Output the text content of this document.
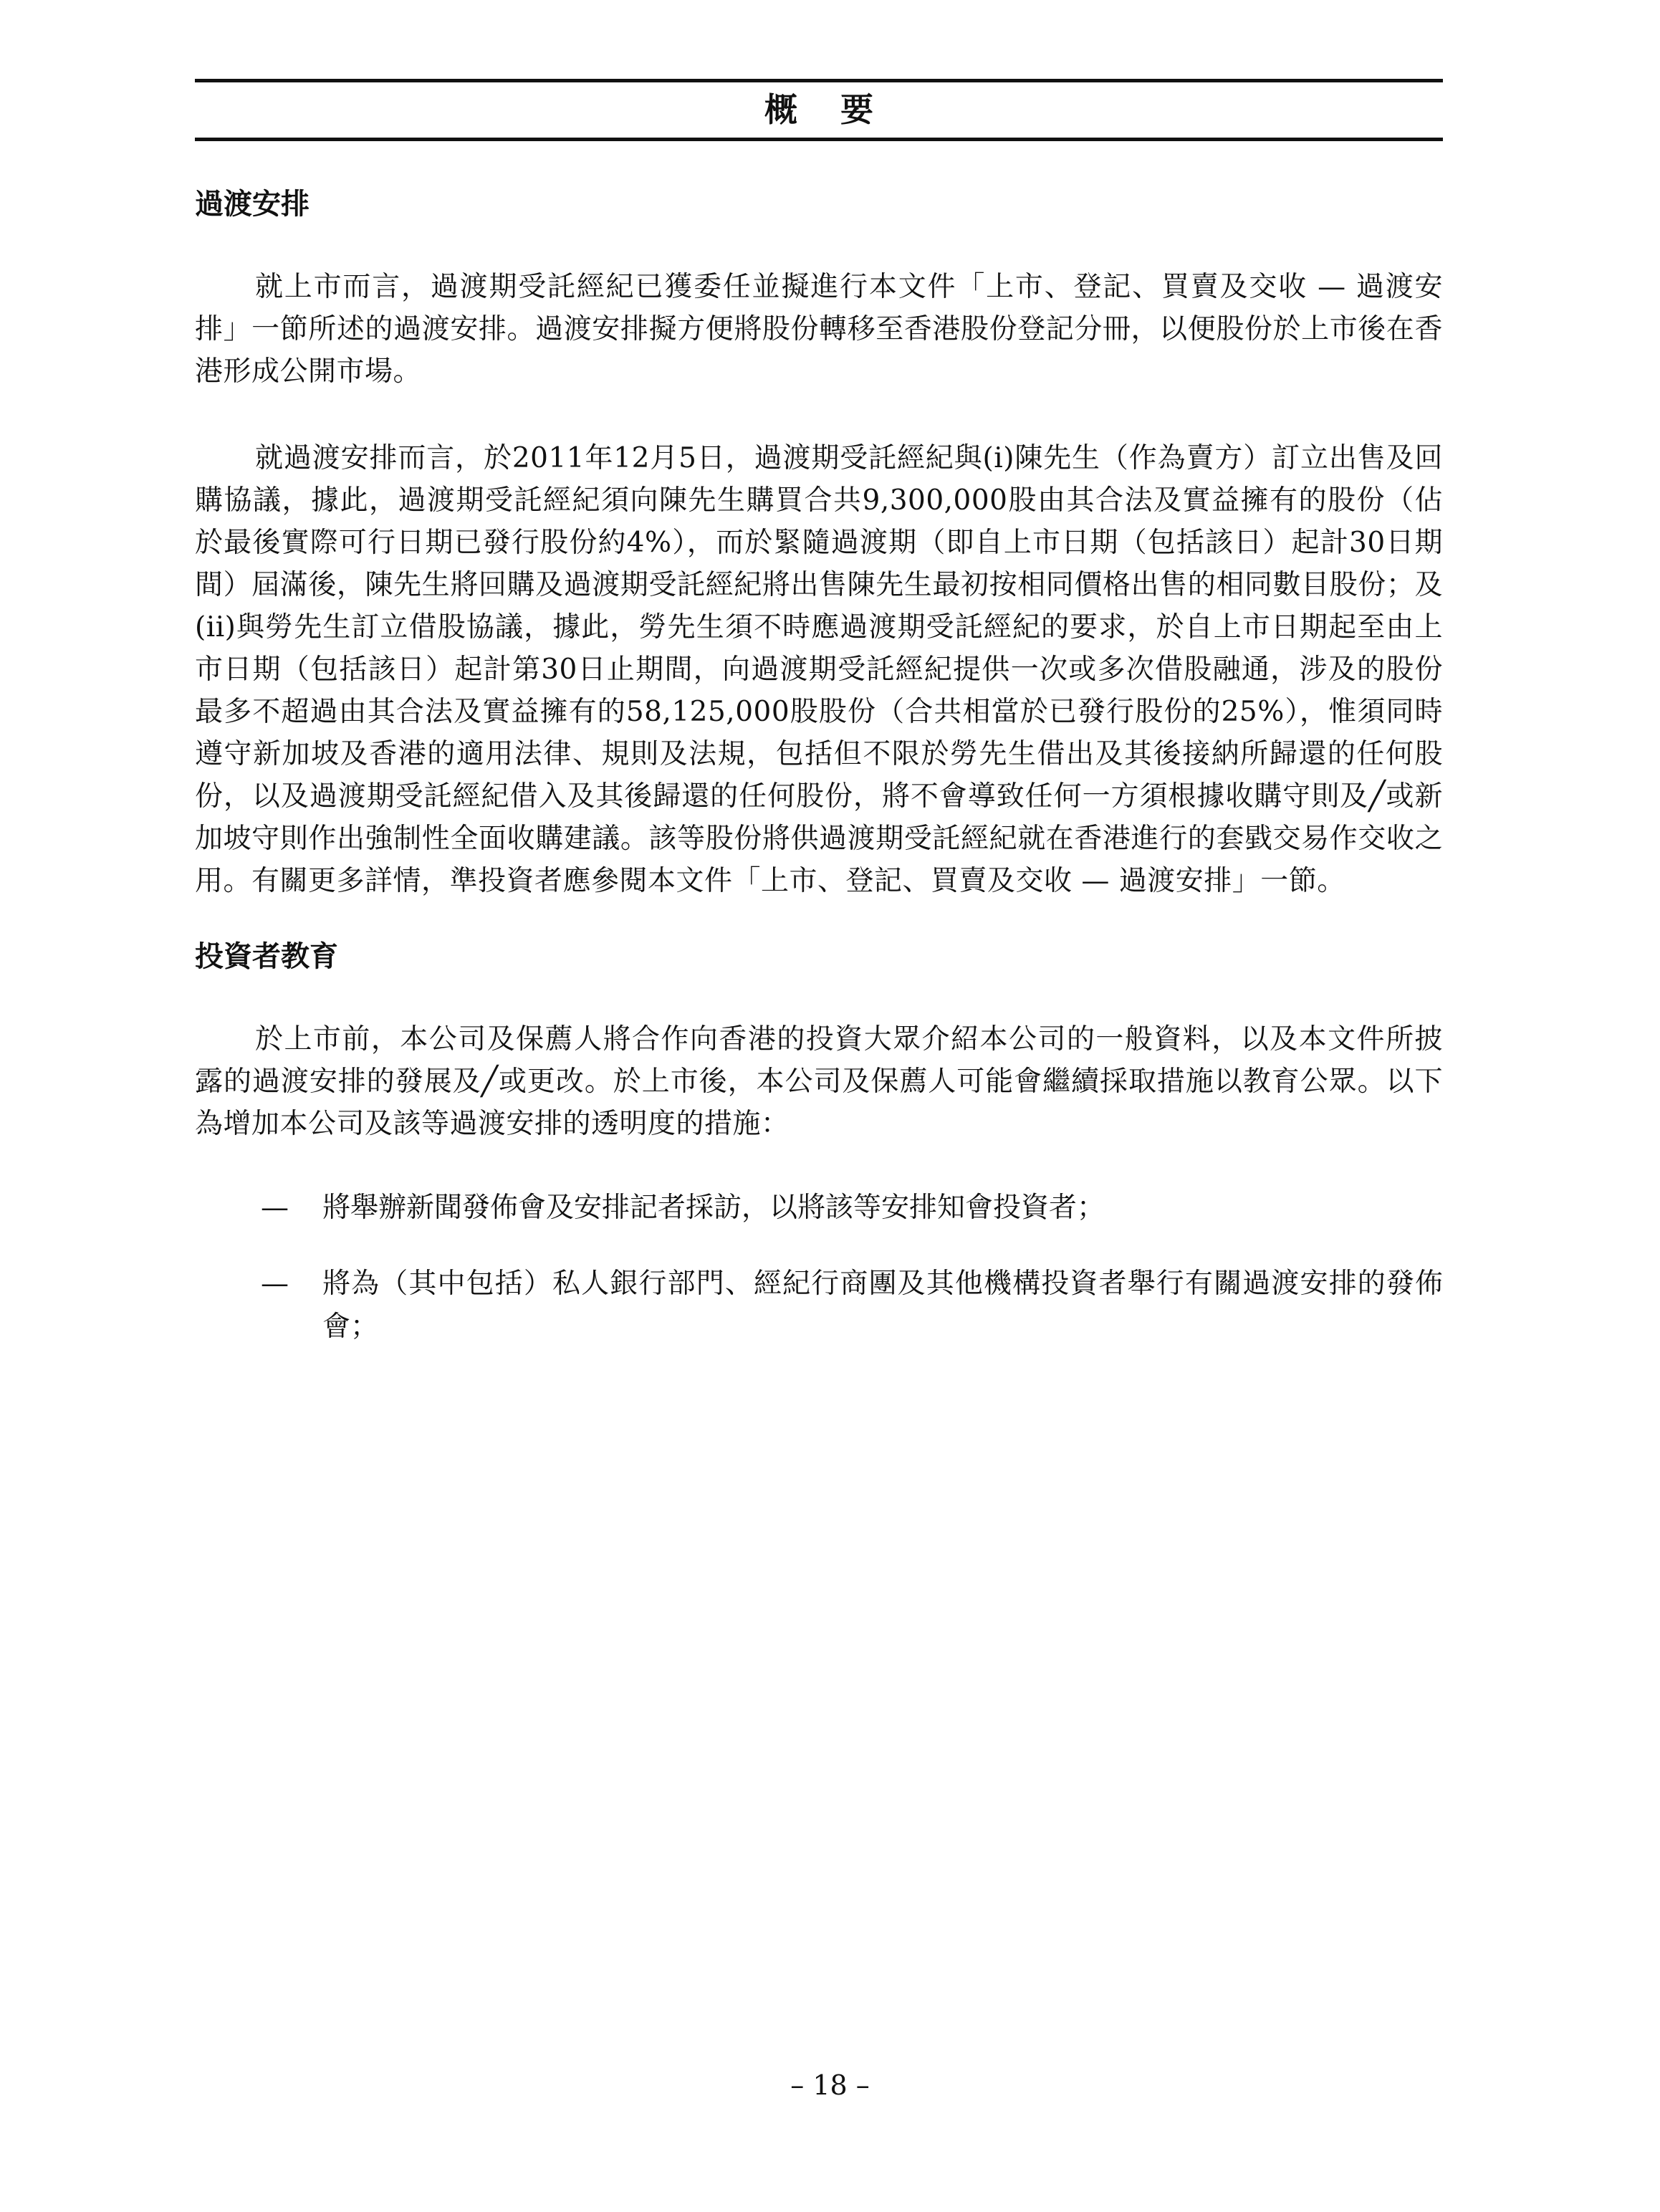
概要
過渡安排

就上市而言，過渡期受託經紀已獲委任並擬進行本文件「上市、登記、買賣及交收 — 過渡安排」一節所述的過渡安排。過渡安排擬方便將股份轉移至香港股份登記分冊，以便股份於上市後在香港形成公開市場。

就過渡安排而言，於2011年12月5日，過渡期受託經紀與(i)陳先生（作為賣方）訂立出售及回購協議，據此，過渡期受託經紀須向陳先生購買合共9,300,000股由其合法及實益擁有的股份（佔於最後實際可行日期已發行股份約4%），而於緊隨過渡期（即自上市日期（包括該日）起計30日期間）屆滿後，陳先生將回購及過渡期受託經紀將出售陳先生最初按相同價格出售的相同數目股份；及(ii)與勞先生訂立借股協議，據此，勞先生須不時應過渡期受託經紀的要求，於自上市日期起至由上市日期（包括該日）起計第30日止期間，向過渡期受託經紀提供一次或多次借股融通，涉及的股份最多不超過由其合法及實益擁有的58,125,000股股份（合共相當於已發行股份的25%），惟須同時遵守新加坡及香港的適用法律、規則及法規，包括但不限於勞先生借出及其後接納所歸還的任何股份，以及過渡期受託經紀借入及其後歸還的任何股份，將不會導致任何一方須根據收購守則及╱或新加坡守則作出強制性全面收購建議。該等股份將供過渡期受託經紀就在香港進行的套戥交易作交收之用。有關更多詳情，準投資者應參閱本文件「上市、登記、買賣及交收 — 過渡安排」一節。

投資者教育

於上市前，本公司及保薦人將合作向香港的投資大眾介紹本公司的一般資料，以及本文件所披露的過渡安排的發展及╱或更改。於上市後，本公司及保薦人可能會繼續採取措施以教育公眾。以下為增加本公司及該等過渡安排的透明度的措施：

— 將舉辦新聞發佈會及安排記者採訪，以將該等安排知會投資者；
— 將為（其中包括）私人銀行部門、經紀行商團及其他機構投資者舉行有關過渡安排的發佈會；
– 18 –
